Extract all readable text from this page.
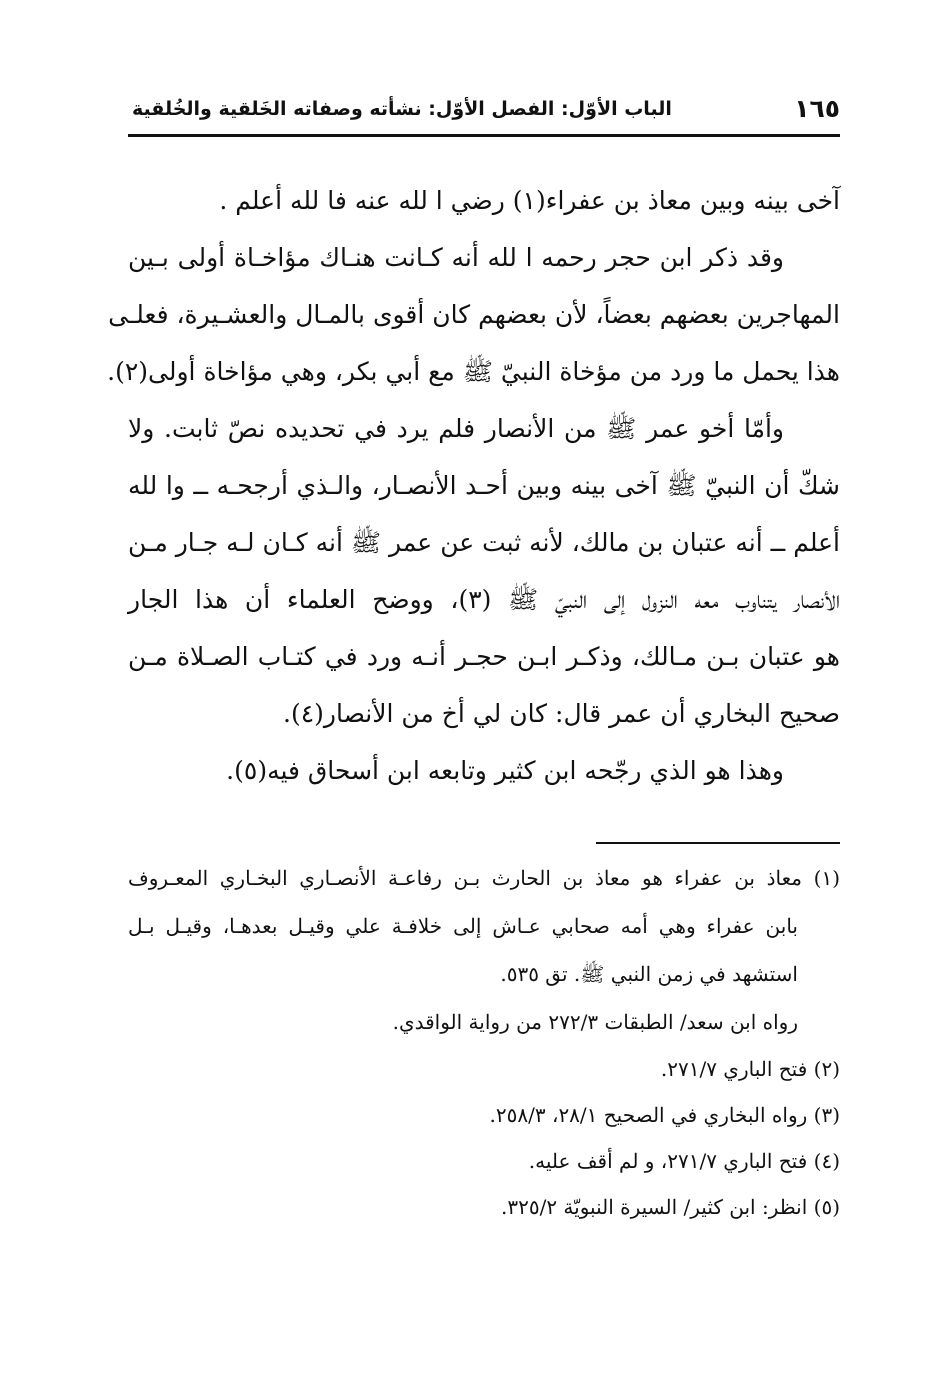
١٦٥
الباب الأوّل: الفصل الأوّل: نشأته وصفاته الخَلقية والخُلقية
آخى بينه وبين معاذ بن عفراء(١) رضي ا لله عنه فا لله أعلم .
وقد ذكر ابن حجر رحمه ا لله أنه كـانت هنـاك مؤاخـاة أولى بـين
المهاجرين بعضهم بعضاً، لأن بعضهم كان أقوى بالمـال والعشـيرة، فعلـى
هذا يحمل ما ورد من مؤخاة النبيّ ﷺ مع أبي بكر، وهي مؤاخاة أولى(٢).
وأمّا أخو عمر ﷺ من الأنصار فلم يرد في تحديده نصّ ثابت. ولا
شكّ أن النبيّ ﷺ آخى بينه وبين أحـد الأنصـار، والـذي أرجحـه ــ وا لله
أعلم ــ أنه عتبان بن مالك، لأنه ثبت عن عمر ﷺ أنه كـان لـه جـار مـن
الأنصار يتناوب معه النزول إلى النبيّ ﷺ (٣)، ووضح العلماء أن هذا الجار
هو عتبان بـن مـالك، وذكـر ابـن حجـر أنـه ورد في كتـاب الصـلاة مـن
صحيح البخاري أن عمر قال: كان لي أخ من الأنصار(٤).
وهذا هو الذي رجّحه ابن كثير وتابعه ابن أسحاق فيه(٥).
(١) معاذ بن عفراء هو معاذ بن الحارث بـن رفاعـة الأنصـاري البخـاري المعـروف
بابن عفراء وهي أمه صحابي عـاش إلى خلافـة علي وقيـل بعدهـا، وقيـل بـل
استشهد في زمن النبي ﷺ. تق ٥٣٥.
رواه ابن سعد/ الطبقات ٢٧٢/٣ من رواية الواقدي.
(٢) فتح الباري ٢٧١/٧.
(٣) رواه البخاري في الصحيح ٢٨/١، ٢٥٨/٣.
(٤) فتح الباري ٢٧١/٧، و لم أقف عليه.
(٥) انظر: ابن كثير/ السيرة النبويّة ٣٢٥/٢.
